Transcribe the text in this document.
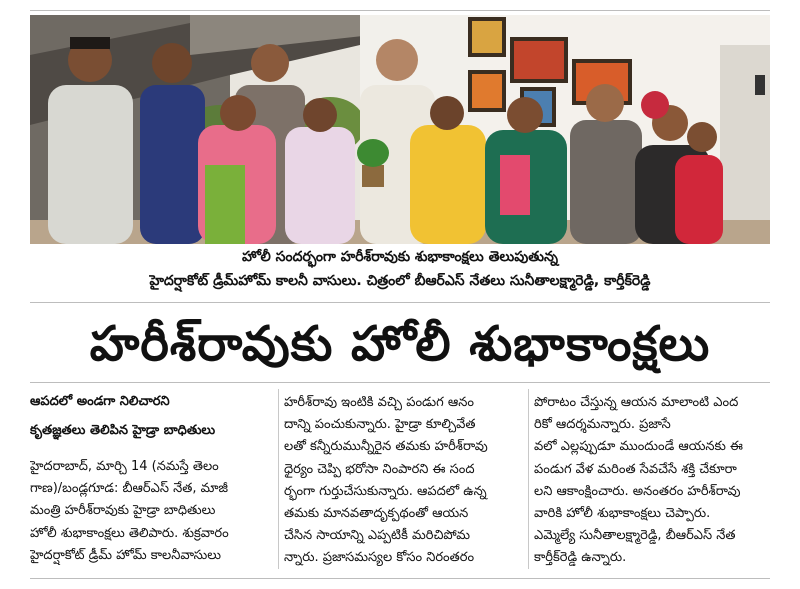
హోలీ సందర్భంగా హరీశ్‌రావుకు శుభాకాంక్షలు తెలుపుతున్న
హైదర్షాకోట్ డ్రీమ్‌హోమ్ కాలనీ వాసులు. చిత్రంలో బీఆర్ఎస్ నేతలు సునీతాలక్ష్మారెడ్డి, కార్తీక్‌రెడ్డి
హరీశ్‌రావుకు హోలీ శుభాకాంక్షలు
ఆపదలో అండగా నిలిచారని
కృతజ్ఞతలు తెలిపిన హైడ్రా బాధితులు
హైదరాబాద్, మార్చి 14 (నమస్తే తెలం
గాణ)/బండ్లగూడ: బీఆర్ఎస్ నేత, మాజీ
మంత్రి హరీశ్‌రావుకు హైడ్రా బాధితులు
హోలీ శుభాకాంక్షలు తెలిపారు. శుక్రవారం
హైదర్షాకోట్ డ్రీమ్ హోమ్ కాలనీవాసులు
హరీశ్‌రావు ఇంటికి వచ్చి పండుగ ఆనం
దాన్ని పంచుకున్నారు. హైడ్రా కూల్చివేత
లతో కన్నీరుమున్నీరైన తమకు హరీశ్‌రావు
ధైర్యం చెప్పి భరోసా నింపారని ఈ సంద
ర్భంగా గుర్తుచేసుకున్నారు. ఆపదలో ఉన్న
తమకు మానవతాదృక్పథంతో ఆయన
చేసిన సాయాన్ని ఎప్పటికీ మరిచిపోమ
న్నారు. ప్రజాసమస్యల కోసం నిరంతరం
పోరాటం చేస్తున్న ఆయన మాలాంటి ఎంద
రికో ఆదర్శమన్నారు. ప్రజాసే
వలో ఎల్లప్పుడూ ముందుండే ఆయనకు ఈ
పండుగ వేళ మరింత సేవచేసే శక్తి చేకూరా
లని ఆకాంక్షించారు. అనంతరం హరీశ్‌రావు
వారికి హోలీ శుభాకాంక్షలు చెప్పారు.
ఎమ్మెల్యే సునీతాలక్ష్మారెడ్డి, బీఆర్ఎస్ నేత
కార్తీక్‌రెడ్డి ఉన్నారు.
